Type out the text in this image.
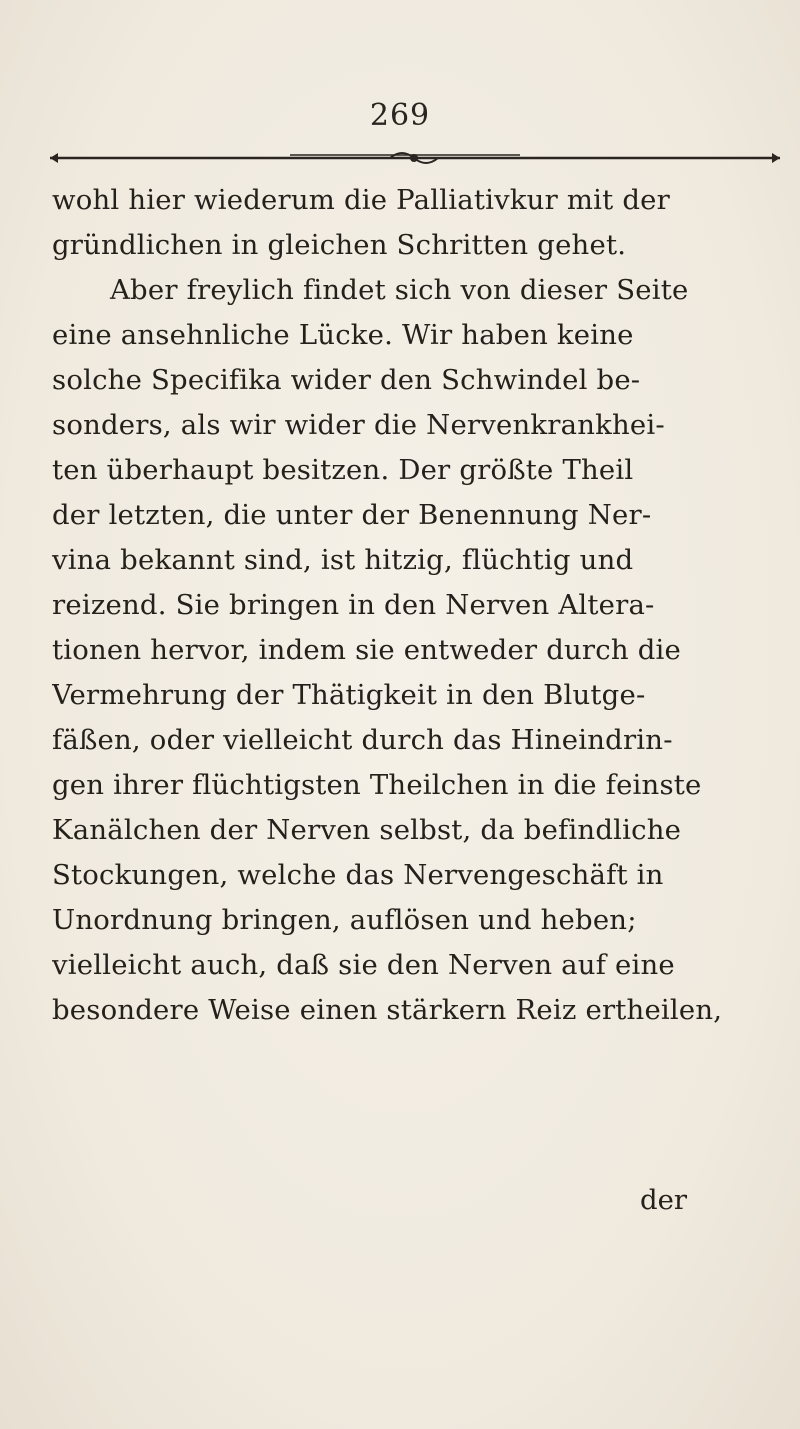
269
wohl hier wiederum die Palliativkur mit der
gründlichen in gleichen Schritten gehet.
Aber freylich findet sich von dieser Seite
eine ansehnliche Lücke. Wir haben keine
solche Specifika wider den Schwindel be-
sonders, als wir wider die Nervenkrankhei-
ten überhaupt besitzen. Der größte Theil
der letzten, die unter der Benennung Ner-
vina bekannt sind, ist hitzig, flüchtig und
reizend. Sie bringen in den Nerven Altera-
tionen hervor, indem sie entweder durch die
Vermehrung der Thätigkeit in den Blutge-
fäßen, oder vielleicht durch das Hineindrin-
gen ihrer flüchtigsten Theilchen in die feinste
Kanälchen der Nerven selbst, da befindliche
Stockungen, welche das Nervengeschäft in
Unordnung bringen, auflösen und heben;
vielleicht auch, daß sie den Nerven auf eine
besondere Weise einen stärkern Reiz ertheilen,
der
